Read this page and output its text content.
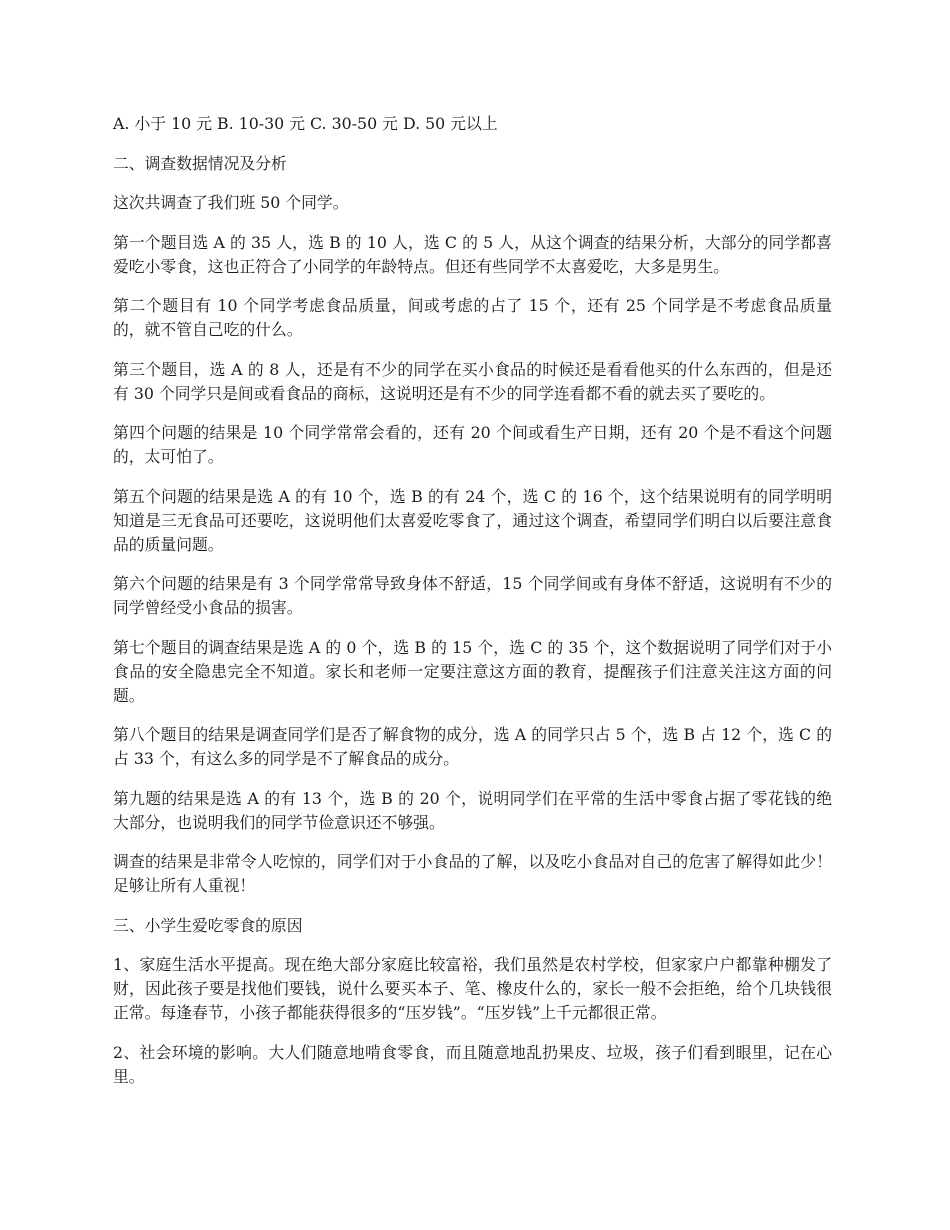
A. 小于 10 元 B. 10-30 元 C. 30-50 元 D. 50 元以上

二、调查数据情况及分析

这次共调查了我们班 50 个同学。

第一个题目选 A 的 35 人，选 B 的 10 人，选 C 的 5 人，从这个调查的结果分析，大部分的同学都喜爱吃小零食，这也正符合了小同学的年龄特点。但还有些同学不太喜爱吃，大多是男生。

第二个题目有 10 个同学考虑食品质量，间或考虑的占了 15 个，还有 25 个同学是不考虑食品质量的，就不管自己吃的什么。

第三个题目，选 A 的 8 人，还是有不少的同学在买小食品的时候还是看看他买的什么东西的，但是还有 30 个同学只是间或看食品的商标，这说明还是有不少的同学连看都不看的就去买了要吃的。

第四个问题的结果是 10 个同学常常会看的，还有 20 个间或看生产日期，还有 20 个是不看这个问题的，太可怕了。

第五个问题的结果是选 A 的有 10 个，选 B 的有 24 个，选 C 的 16 个，这个结果说明有的同学明明知道是三无食品可还要吃，这说明他们太喜爱吃零食了，通过这个调查，希望同学们明白以后要注意食品的质量问题。

第六个问题的结果是有 3 个同学常常导致身体不舒适，15 个同学间或有身体不舒适，这说明有不少的同学曾经受小食品的损害。

第七个题目的调查结果是选 A 的 0 个，选 B 的 15 个，选 C 的 35 个，这个数据说明了同学们对于小食品的安全隐患完全不知道。家长和老师一定要注意这方面的教育，提醒孩子们注意关注这方面的问题。

第八个题目的结果是调查同学们是否了解食物的成分，选 A 的同学只占 5 个，选 B 占 12 个，选 C 的占 33 个，有这么多的同学是不了解食品的成分。

第九题的结果是选 A 的有 13 个，选 B 的 20 个，说明同学们在平常的生活中零食占据了零花钱的绝大部分，也说明我们的同学节俭意识还不够强。

调查的结果是非常令人吃惊的，同学们对于小食品的了解，以及吃小食品对自己的危害了解得如此少！足够让所有人重视！

三、小学生爱吃零食的原因

1、家庭生活水平提高。现在绝大部分家庭比较富裕，我们虽然是农村学校，但家家户户都靠种棚发了财，因此孩子要是找他们要钱，说什么要买本子、笔、橡皮什么的，家长一般不会拒绝，给个几块钱很正常。每逢春节，小孩子都能获得很多的“压岁钱”。“压岁钱”上千元都很正常。

2、社会环境的影响。大人们随意地啃食零食，而且随意地乱扔果皮、垃圾，孩子们看到眼里，记在心里。
